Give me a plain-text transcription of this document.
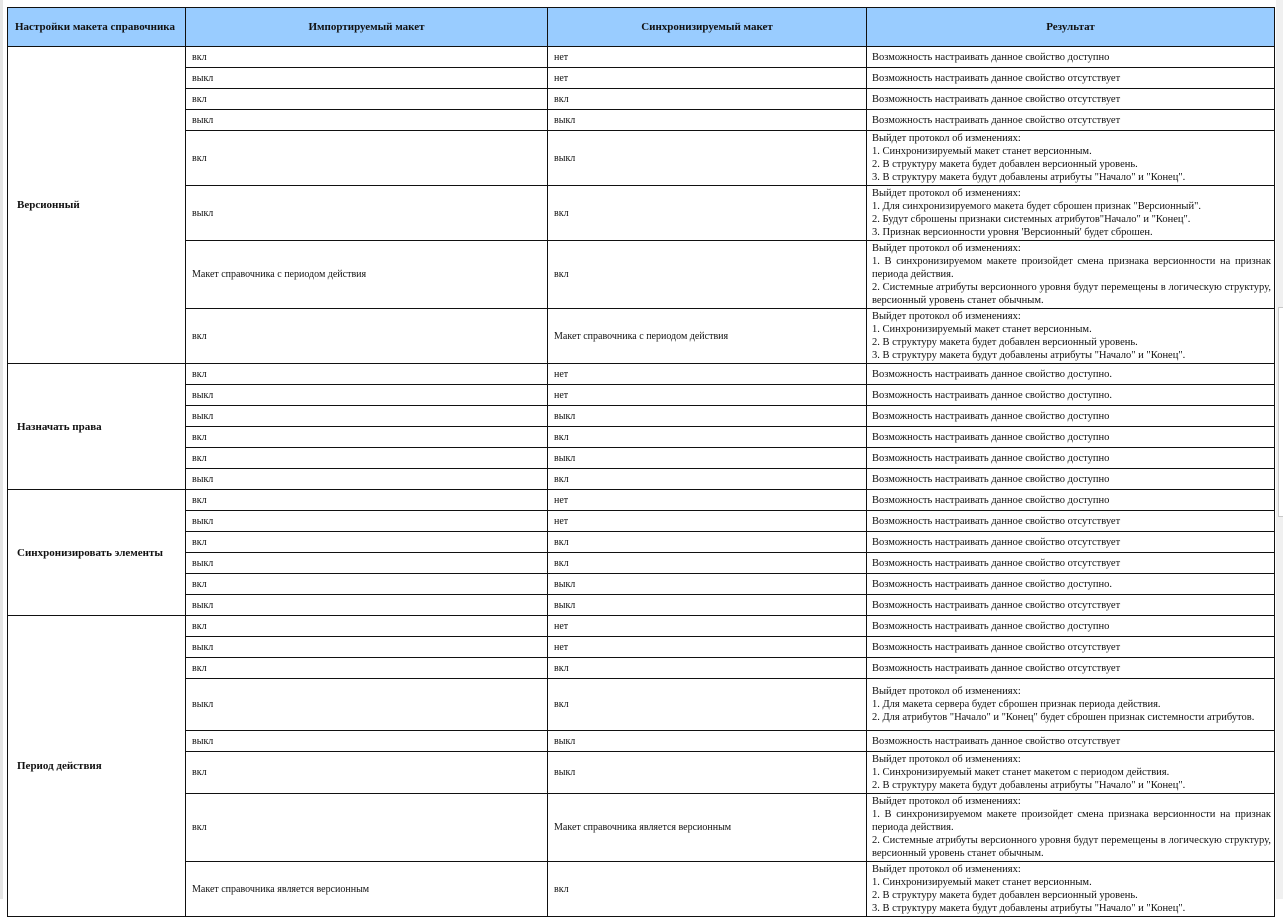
Настройки макета справочника	Импортируемый макет	Синхронизируемый макет	Результат
Версионный	вкл	нет	Возможность настраивать данное свойство доступно

	выкл	нет	Возможность настраивать данное свойство отсутствует

	вкл	вкл	Возможность настраивать данное свойство отсутствует

	выкл	выкл	Возможность настраивать данное свойство отсутствует

	вкл	выкл	Выйдет протокол об изменениях:
1. Синхронизируемый макет станет версионным.
2. В структуру макета будет добавлен версионный уровень.
3. В структуру макета будут добавлены атрибуты "Начало" и "Конец".

	выкл	вкл	Выйдет протокол об изменениях:
1. Для синхронизируемого макета будет сброшен признак "Версионный".
2. Будут сброшены признаки системных атрибутов"Начало" и "Конец".
3. Признак версионности уровня 'Версионный' будет сброшен.

	Макет справочника с периодом действия	вкл	Выйдет протокол об изменениях:
1. В синхронизируемом макете произойдет смена признака версионности на признак периода действия.
2. Системные атрибуты версионного уровня будут перемещены в логическую структуру, версионный уровень станет обычным.

	вкл	Макет справочника с периодом действия	Выйдет протокол об изменениях:
1. Синхронизируемый макет станет версионным.
2. В структуру макета будет добавлен версионный уровень.
3. В структуру макета будут добавлены атрибуты "Начало" и "Конец".

Назначать права	вкл	нет	Возможность настраивать данное свойство доступно.

	выкл	нет	Возможность настраивать данное свойство доступно.

	выкл	выкл	Возможность настраивать данное свойство доступно

	вкл	вкл	Возможность настраивать данное свойство доступно

	вкл	выкл	Возможность настраивать данное свойство доступно

	выкл	вкл	Возможность настраивать данное свойство доступно

Синхронизировать элементы	вкл	нет	Возможность настраивать данное свойство доступно

	выкл	нет	Возможность настраивать данное свойство отсутствует

	вкл	вкл	Возможность настраивать данное свойство отсутствует

	выкл	вкл	Возможность настраивать данное свойство отсутствует

	вкл	выкл	Возможность настраивать данное свойство доступно.

	выкл	выкл	Возможность настраивать данное свойство отсутствует

Период действия	вкл	нет	Возможность настраивать данное свойство доступно

	выкл	нет	Возможность настраивать данное свойство отсутствует

	вкл	вкл	Возможность настраивать данное свойство отсутствует

	выкл	вкл	Выйдет протокол об изменениях:
1. Для макета сервера будет сброшен признак периода действия.
2. Для атрибутов "Начало" и "Конец" будет сброшен признак системности атрибутов.

	выкл	выкл	Возможность настраивать данное свойство отсутствует

	вкл	выкл	Выйдет протокол об изменениях:
1. Синхронизируемый макет станет макетом с периодом действия.
2. В структуру макета будут добавлены атрибуты "Начало" и "Конец".

	вкл	Макет справочника является версионным	Выйдет протокол об изменениях:
1. В синхронизируемом макете произойдет смена признака версионности на признак периода действия.
2. Системные атрибуты версионного уровня будут перемещены в логическую структуру, версионный уровень станет обычным.

	Макет справочника является версионным	вкл	Выйдет протокол об изменениях:
1. Синхронизируемый макет станет версионным.
2. В структуру макета будет добавлен версионный уровень.
3. В структуру макета будут добавлены атрибуты "Начало" и "Конец".
